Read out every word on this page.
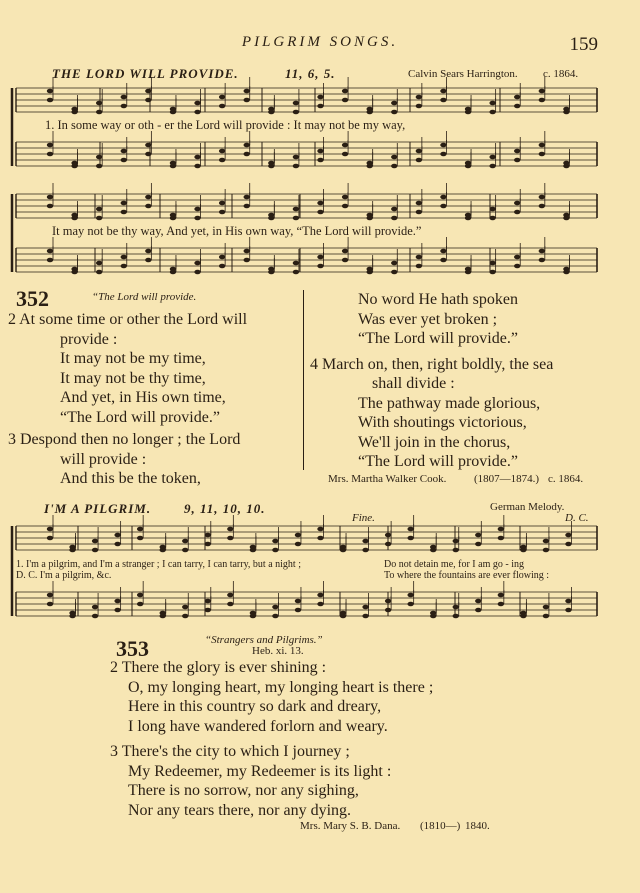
PILGRIM SONGS.	159
THE LORD WILL PROVIDE.	11, 6, 5.	Calvin Sears Harrington. c. 1864.
1. In some way or oth - er the Lord will provide : It may not be my way,
It may not be thy way, And yet, in His own way, “The Lord will provide.”
352	“The Lord will provide.
2 At some time or other the Lord will
provide :
It may not be my time,
It may not be thy time,
And yet, in His own time,
“The Lord will provide.”
3 Despond then no longer ; the Lord
will provide :
And this be the token,
No word He hath spoken
Was ever yet broken ;
“The Lord will provide.”
4 March on, then, right boldly, the sea
shall divide :
The pathway made glorious,
With shoutings victorious,
We'll join in the chorus,
“The Lord will provide.”
Mrs. Martha Walker Cook.	(1807—1874.) c. 1864.
I'M A PILGRIM.	9, 11, 10, 10.	German Melody.
Fine.	D. C.
1. I'm a pilgrim, and I'm a stranger ; I can tarry, I can tarry, but a night ;
D. C. I'm a pilgrim, &c.
Do not detain me, for I am go - ing
To where the fountains are ever flowing :
353	“Strangers and Pilgrims.”
Heb. xi. 13.
2 There the glory is ever shining :
O, my longing heart, my longing heart is there ;
Here in this country so dark and dreary,
I long have wandered forlorn and weary.
3 There's the city to which I journey ;
My Redeemer, my Redeemer is its light :
There is no sorrow, nor any sighing,
Nor any tears there, nor any dying.
Mrs. Mary S. B. Dana. (1810—) 1840.
